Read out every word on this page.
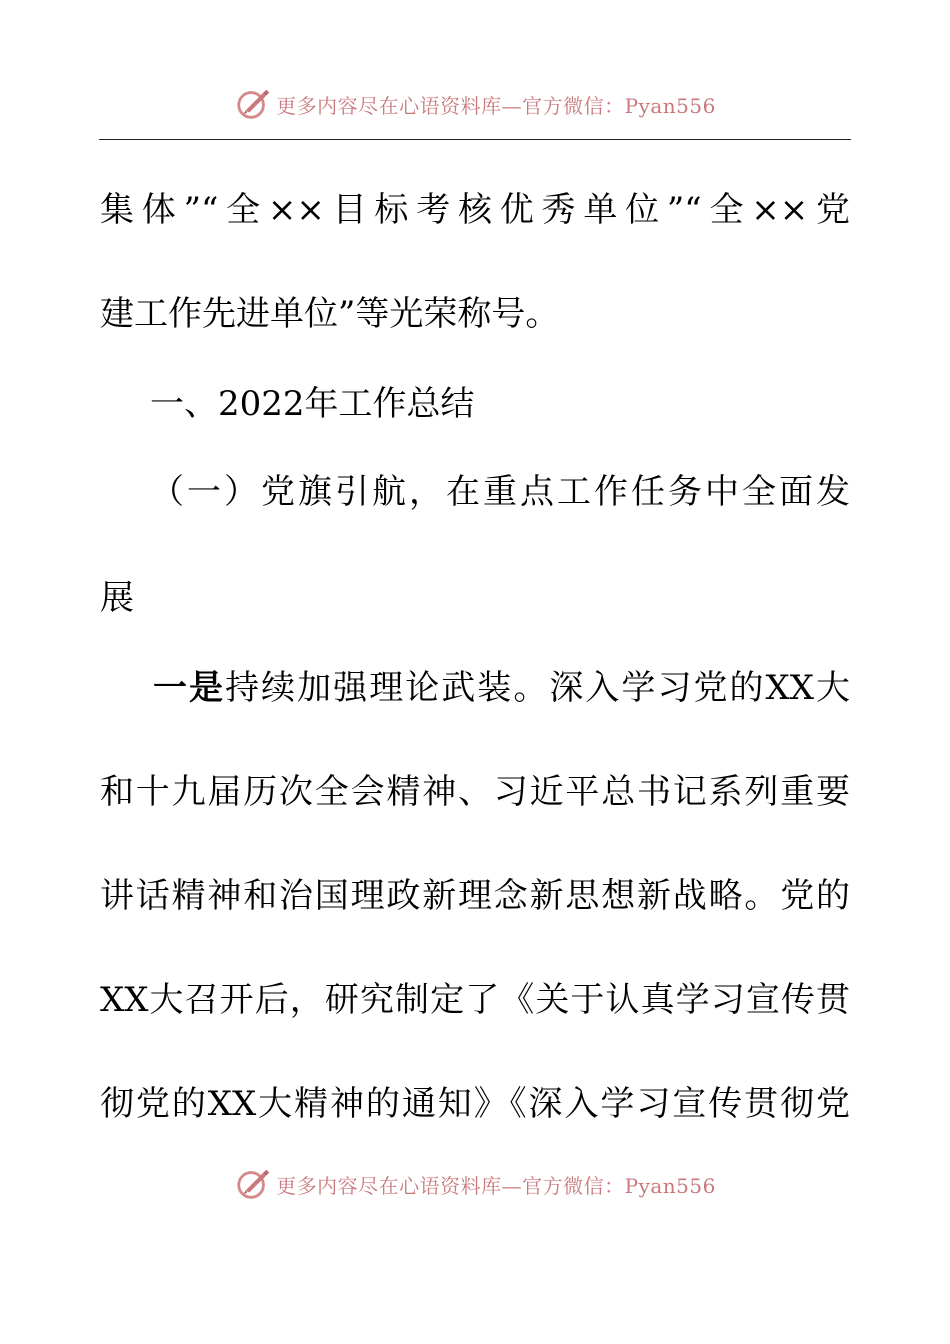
更多内容尽在心语资料库—官方微信：Pyan556
集体”“全××目标考核优秀单位”“全××党
建工作先进单位”等光荣称号。
一、2022年工作总结
（一）党旗引航，在重点工作任务中全面发
展
一是持续加强理论武装。深入学习党的XX大
和十九届历次全会精神、习近平总书记系列重要
讲话精神和治国理政新理念新思想新战略。党的
XX大召开后，研究制定了《关于认真学习宣传贯
彻党的XX大精神的通知》《深入学习宣传贯彻党
更多内容尽在心语资料库—官方微信：Pyan556
